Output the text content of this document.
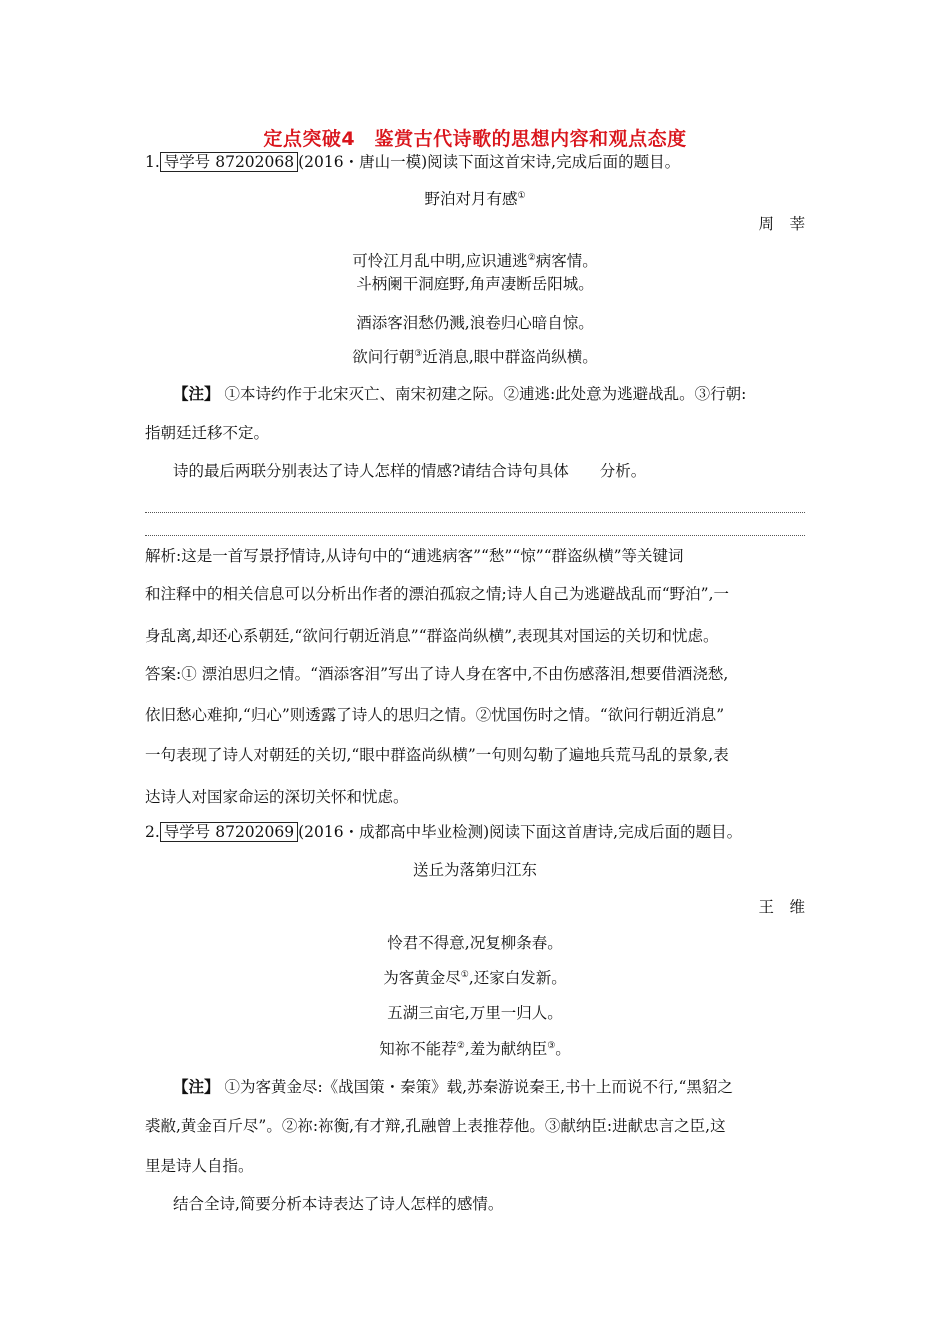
定点突破4　鉴赏古代诗歌的思想内容和观点态度
1. 导学号 87202068 (2016・唐山一模)阅读下面这首宋诗,完成后面的题目。
野泊对月有感①
周　莘
可怜江月乱中明,应识逋逃②病客情。
斗柄阑干洞庭野,角声凄断岳阳城。
酒添客泪愁仍溅,浪卷归心暗自惊。
欲问行朝③近消息,眼中群盗尚纵横。
【注】 ①本诗约作于北宋灭亡、南宋初建之际。②逋逃:此处意为逃避战乱。③行朝:
指朝廷迁移不定。
诗的最后两联分别表达了诗人怎样的情感?请结合诗句具体　　分析。
解析:这是一首写景抒情诗,从诗句中的“逋逃病客”“愁”“惊”“群盗纵横”等关键词
和注释中的相关信息可以分析出作者的漂泊孤寂之情;诗人自己为逃避战乱而“野泊”,一
身乱离,却还心系朝廷,“欲问行朝近消息”“群盗尚纵横”,表现其对国运的关切和忧虑。
答案:① 漂泊思归之情。“酒添客泪”写出了诗人身在客中,不由伤感落泪,想要借酒浇愁,
依旧愁心难抑,“归心”则透露了诗人的思归之情。②忧国伤时之情。“欲问行朝近消息”
一句表现了诗人对朝廷的关切,“眼中群盗尚纵横”一句则勾勒了遍地兵荒马乱的景象,表
达诗人对国家命运的深切关怀和忧虑。
2. 导学号 87202069 (2016・成都高中毕业检测)阅读下面这首唐诗,完成后面的题目。
送丘为落第归江东
王　维
怜君不得意,况复柳条春。
为客黄金尽①,还家白发新。
五湖三亩宅,万里一归人。
知祢不能荐②,羞为献纳臣③。
【注】 ①为客黄金尽:《战国策・秦策》载,苏秦游说秦王,书十上而说不行,“黑貂之
裘敝,黄金百斤尽”。②祢:祢衡,有才辩,孔融曾上表推荐他。③献纳臣:进献忠言之臣,这
里是诗人自指。
结合全诗,简要分析本诗表达了诗人怎样的感情。
